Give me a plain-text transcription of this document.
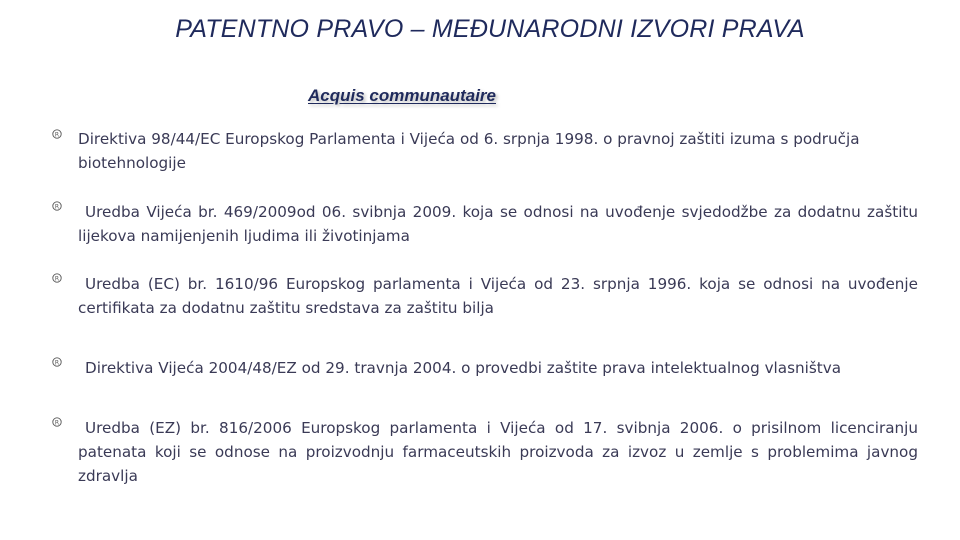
PATENTNO PRAVO – MEĐUNARODNI IZVORI PRAVA
Acquis communautaire
R Direktiva 98/44/EC Europskog Parlamenta i Vijeća od 6. srpnja 1998. o pravnoj zaštiti izuma s područja biotehnologije
R	Uredba Vijeća br. 469/2009od 06. svibnja 2009. koja se odnosi na uvođenje svjedodžbe za dodatnu zaštitu lijekova namijenjenih ljudima ili životinjama
R	Uredba (EC) br. 1610/96 Europskog parlamenta i Vijeća od 23. srpnja 1996. koja se odnosi na uvođenje certifikata za dodatnu zaštitu sredstava za zaštitu bilja
R	Direktiva Vijeća 2004/48/EZ od 29. travnja 2004. o provedbi zaštite prava intelektualnog vlasništva
R	Uredba (EZ) br. 816/2006 Europskog parlamenta i Vijeća od 17. svibnja 2006. o prisilnom licenciranju patenata koji se odnose na proizvodnju farmaceutskih proizvoda za izvoz u zemlje s problemima javnog zdravlja
